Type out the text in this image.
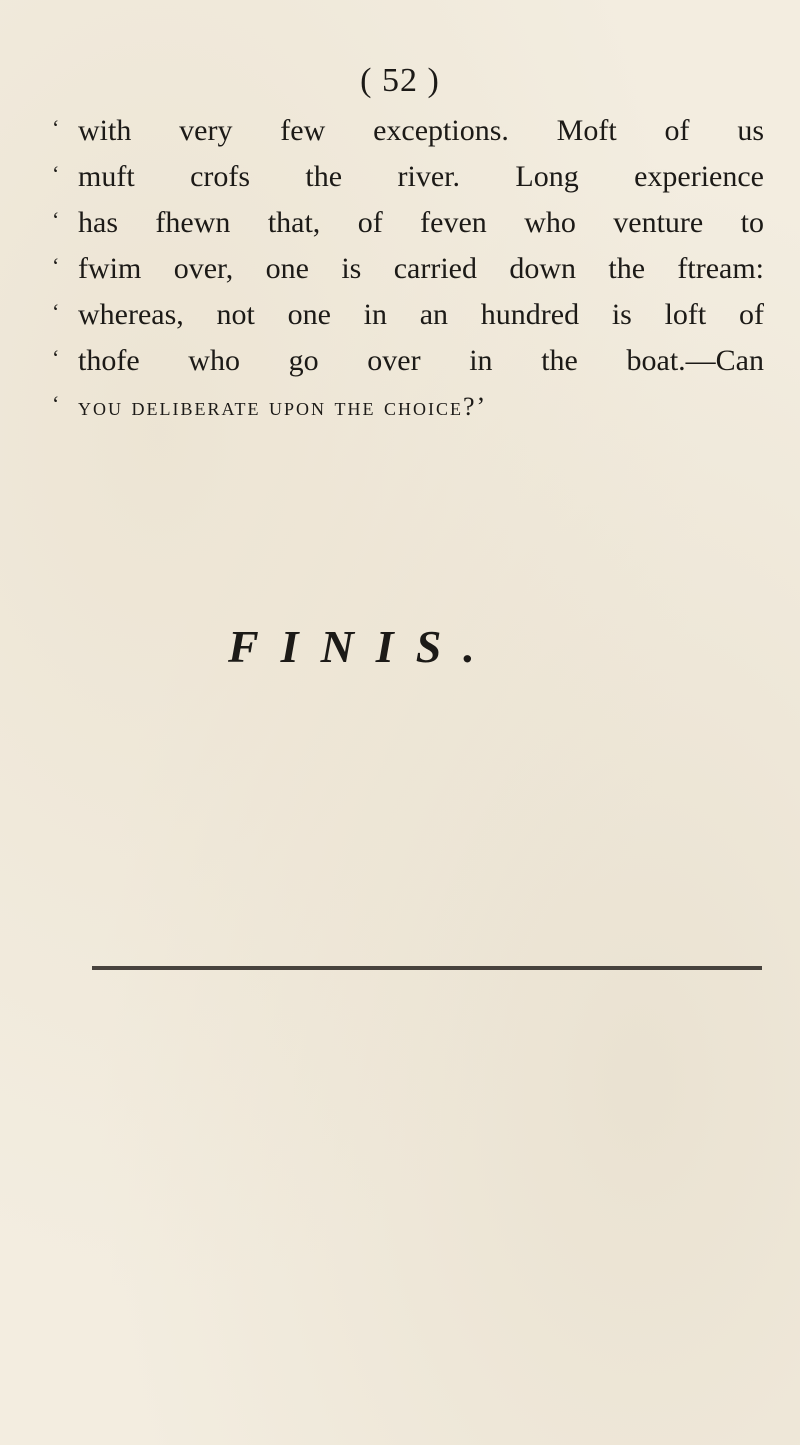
( 52 )
‘ with very few exceptions. Moft of us
‘ muft crofs the river. Long experience
‘ has fhewn that, of feven who venture to
‘ fwim over, one is carried down the ftream:
‘ whereas, not one in an hundred is loft of
‘ thofe who go over in the boat.—Can
‘ you deliberate upon the choice?’
FINIS.
